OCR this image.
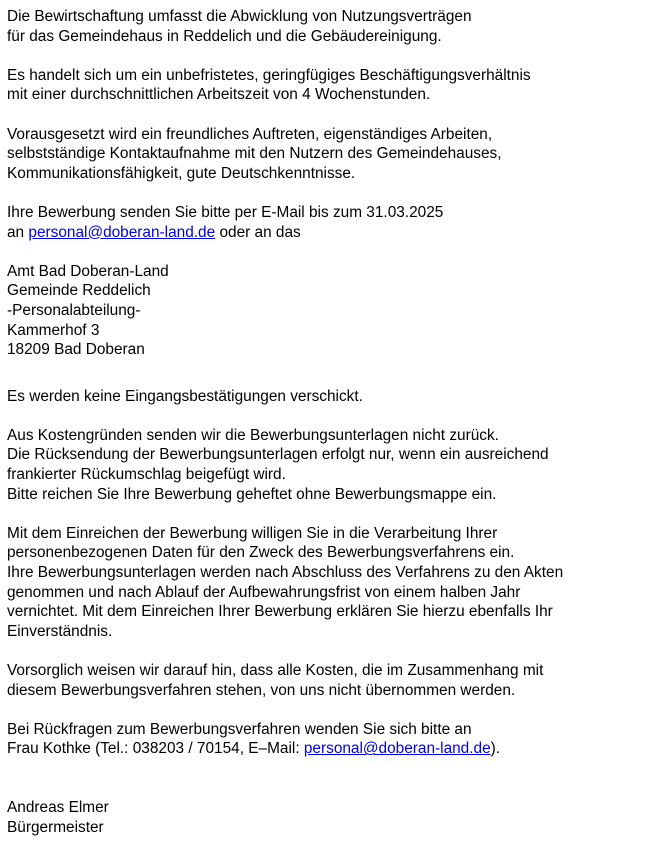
Die Bewirtschaftung umfasst die Abwicklung von Nutzungsverträgen
für das Gemeindehaus in Reddelich und die Gebäudereinigung.
Es handelt sich um ein unbefristetes, geringfügiges Beschäftigungsverhältnis
mit einer durchschnittlichen Arbeitszeit von 4 Wochenstunden.
Vorausgesetzt wird ein freundliches Auftreten, eigenständiges Arbeiten,
selbstständige Kontaktaufnahme mit den Nutzern des Gemeindehauses,
Kommunikationsfähigkeit, gute Deutschkenntnisse.
Ihre Bewerbung senden Sie bitte per E-Mail bis zum 31.03.2025
an personal@doberan-land.de oder an das
Amt Bad Doberan-Land
Gemeinde Reddelich
-Personalabteilung-
Kammerhof 3
18209 Bad Doberan
Es werden keine Eingangsbestätigungen verschickt.
Aus Kostengründen senden wir die Bewerbungsunterlagen nicht zurück.
Die Rücksendung der Bewerbungsunterlagen erfolgt nur, wenn ein ausreichend
frankierter Rückumschlag beigefügt wird.
Bitte reichen Sie Ihre Bewerbung geheftet ohne Bewerbungsmappe ein.
Mit dem Einreichen der Bewerbung willigen Sie in die Verarbeitung Ihrer
personenbezogenen Daten für den Zweck des Bewerbungsverfahrens ein.
Ihre Bewerbungsunterlagen werden nach Abschluss des Verfahrens zu den Akten
genommen und nach Ablauf der Aufbewahrungsfrist von einem halben Jahr
vernichtet. Mit dem Einreichen Ihrer Bewerbung erklären Sie hierzu ebenfalls Ihr
Einverständnis.
Vorsorglich weisen wir darauf hin, dass alle Kosten, die im Zusammenhang mit
diesem Bewerbungsverfahren stehen, von uns nicht übernommen werden.
Bei Rückfragen zum Bewerbungsverfahren wenden Sie sich bitte an
Frau Kothke (Tel.: 038203 / 70154, E–Mail: personal@doberan-land.de).
Andreas Elmer
Bürgermeister
